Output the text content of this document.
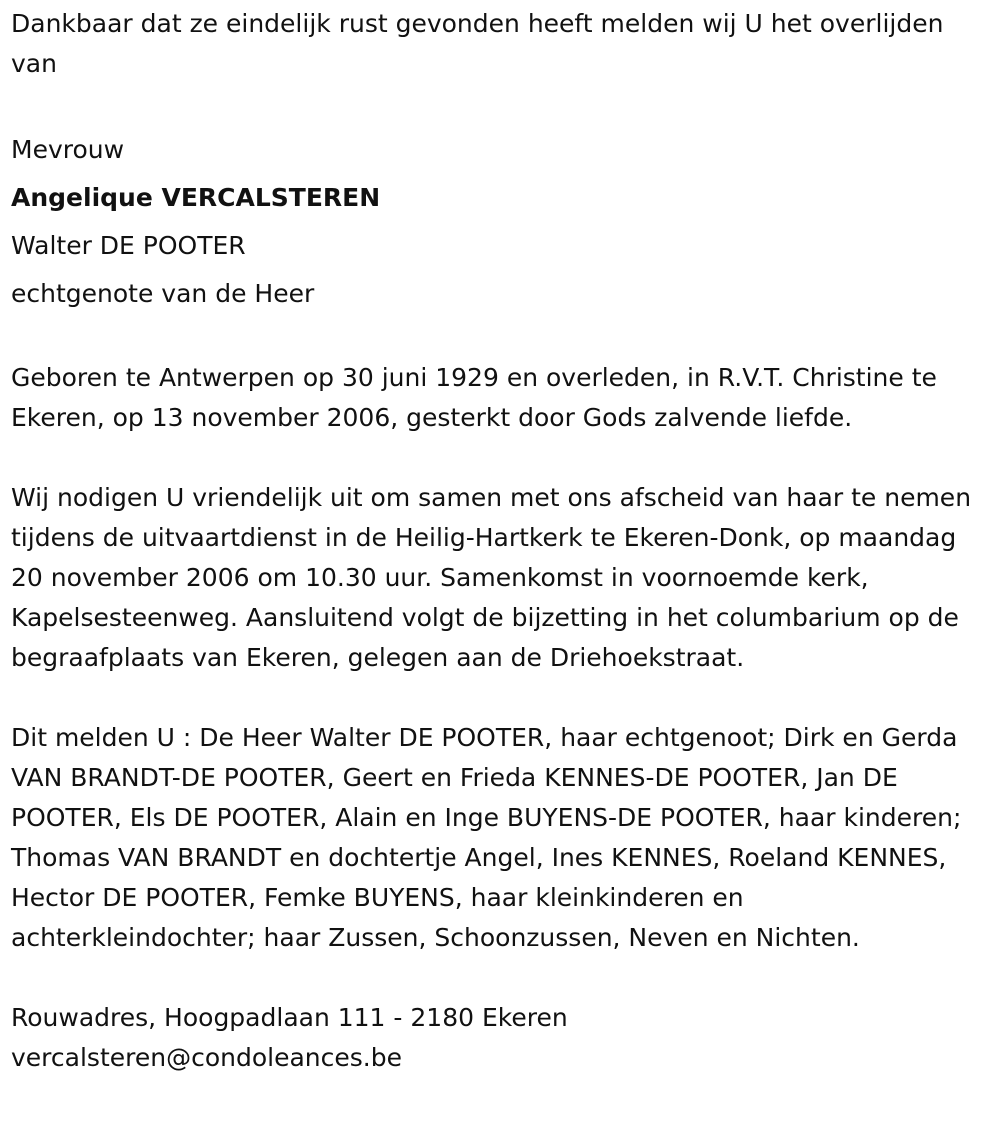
Dankbaar dat ze eindelijk rust gevonden heeft melden wij U het overlijden van

Mevrouw
Angelique VERCALSTEREN
Walter DE POOTER
echtgenote van de Heer

Geboren te Antwerpen op 30 juni 1929 en overleden, in R.V.T. Christine te Ekeren, op 13 november 2006, gesterkt door Gods zalvende liefde.

Wij nodigen U vriendelijk uit om samen met ons afscheid van haar te nemen tijdens de uitvaartdienst in de Heilig-Hartkerk te Ekeren-Donk, op maandag 20 november 2006 om 10.30 uur. Samenkomst in voornoemde kerk, Kapelsesteenweg. Aansluitend volgt de bijzetting in het columbarium op de begraafplaats van Ekeren, gelegen aan de Driehoekstraat.

Dit melden U : De Heer Walter DE POOTER, haar echtgenoot; Dirk en Gerda VAN BRANDT-DE POOTER, Geert en Frieda KENNES-DE POOTER, Jan DE POOTER, Els DE POOTER, Alain en Inge BUYENS-DE POOTER, haar kinderen; Thomas VAN BRANDT en dochtertje Angel, Ines KENNES, Roeland KENNES, Hector DE POOTER, Femke BUYENS, haar kleinkinderen en achterkleindochter; haar Zussen, Schoonzussen, Neven en Nichten.

Rouwadres, Hoogpadlaan 111 - 2180 Ekeren
vercalsteren@condoleances.be
